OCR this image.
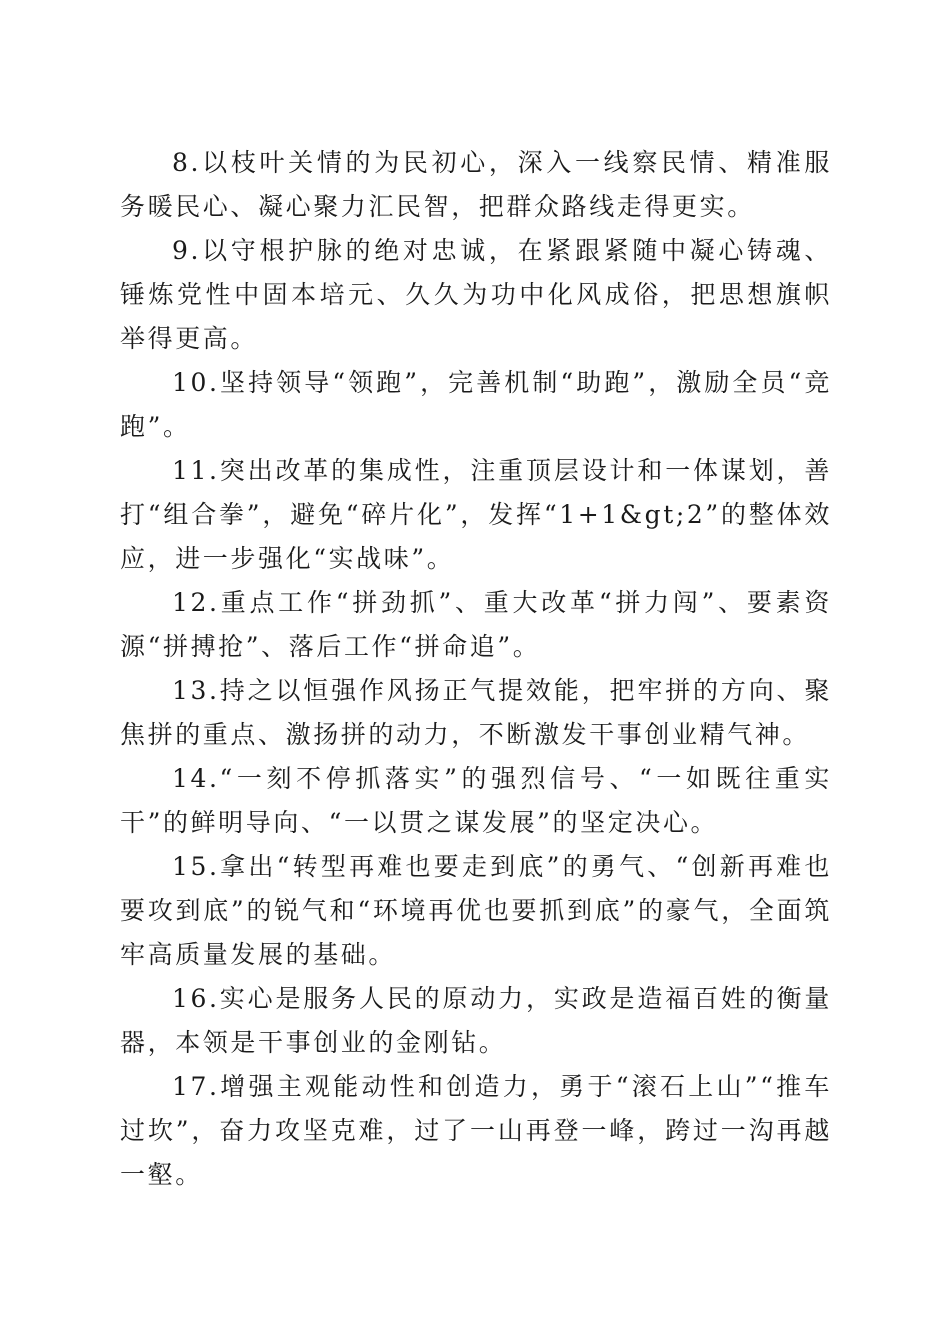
8.以枝叶关情的为民初心，深入一线察民情、精准服务暖民心、凝心聚力汇民智，把群众路线走得更实。

9.以守根护脉的绝对忠诚，在紧跟紧随中凝心铸魂、锤炼党性中固本培元、久久为功中化风成俗，把思想旗帜举得更高。

10.坚持领导“领跑”，完善机制“助跑”，激励全员“竞跑”。

11.突出改革的集成性，注重顶层设计和一体谋划，善打“组合拳”，避免“碎片化”，发挥“1+1&gt;2”的整体效应，进一步强化“实战味”。

12.重点工作“拼劲抓”、重大改革“拼力闯”、要素资源“拼搏抢”、落后工作“拼命追”。

13.持之以恒强作风扬正气提效能，把牢拼的方向、聚焦拼的重点、激扬拼的动力，不断激发干事创业精气神。

14.“一刻不停抓落实”的强烈信号、“一如既往重实干”的鲜明导向、“一以贯之谋发展”的坚定决心。

15.拿出“转型再难也要走到底”的勇气、“创新再难也要攻到底”的锐气和“环境再优也要抓到底”的豪气，全面筑牢高质量发展的基础。

16.实心是服务人民的原动力，实政是造福百姓的衡量器，本领是干事创业的金刚钻。

17.增强主观能动性和创造力，勇于“滚石上山”“推车过坎”，奋力攻坚克难，过了一山再登一峰，跨过一沟再越一壑。
